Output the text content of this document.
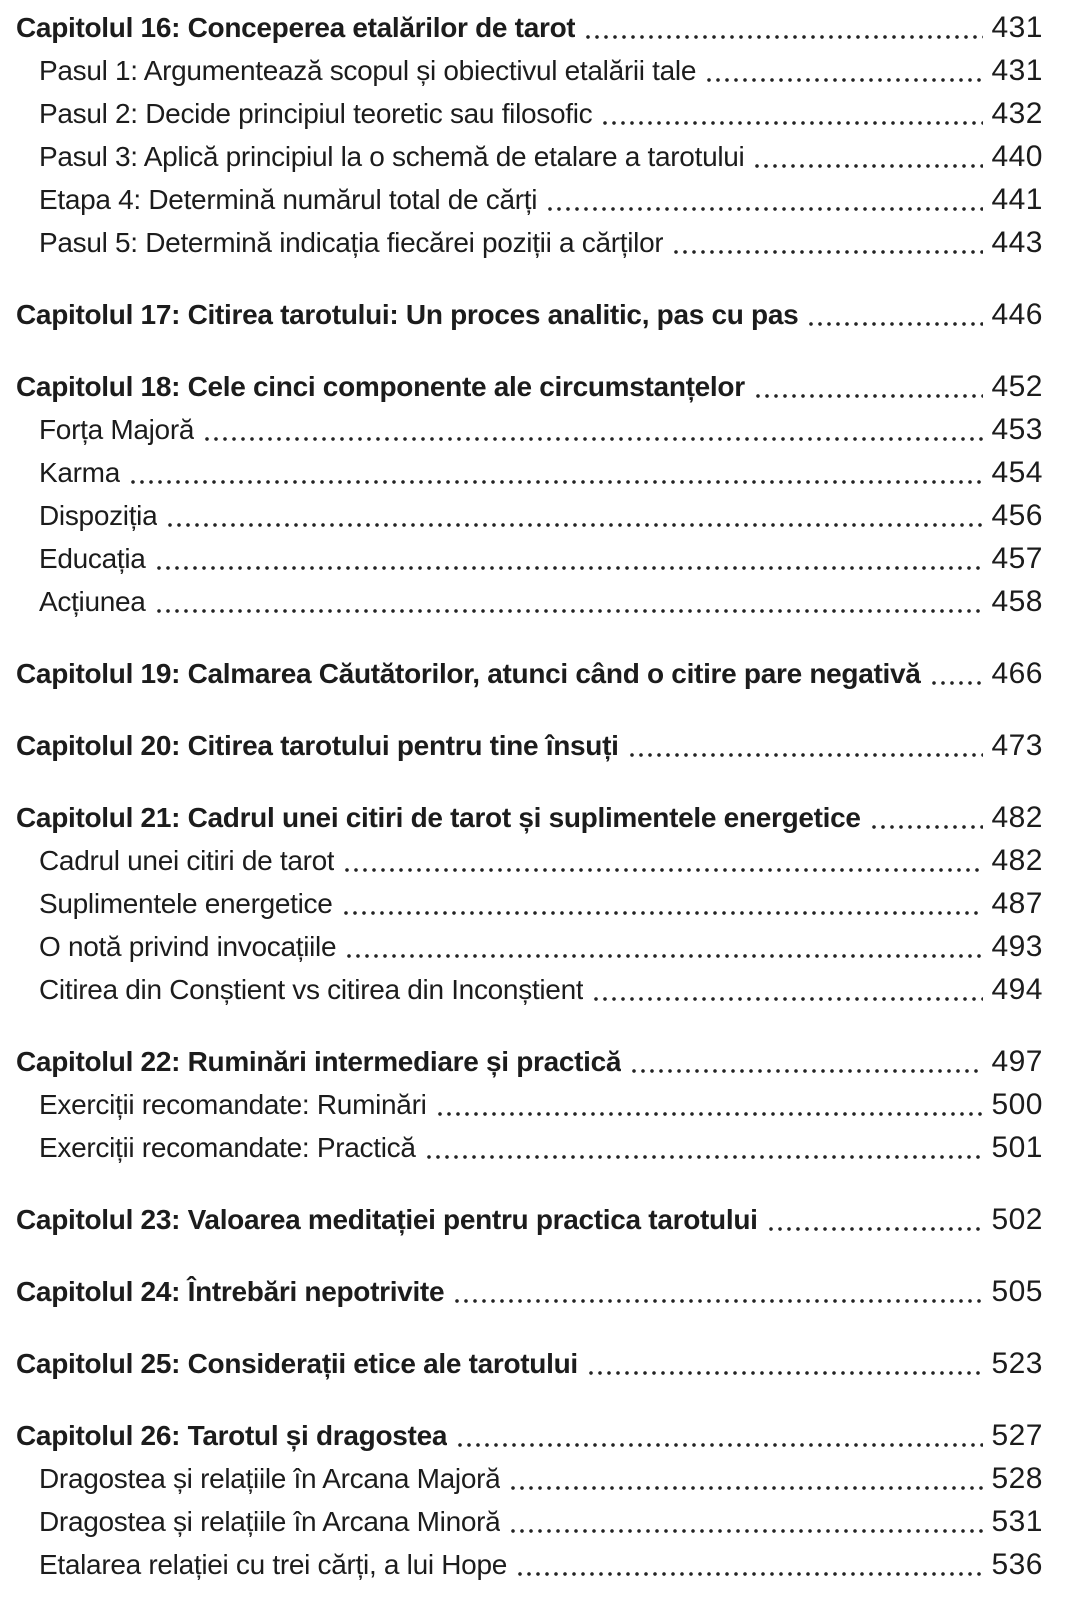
Capitolul 16: Conceperea etalărilor de tarot	431
Pasul 1: Argumentează scopul și obiectivul etalării tale	431
Pasul 2: Decide principiul teoretic sau filosofic	432
Pasul 3: Aplică principiul la o schemă de etalare a tarotului	440
Etapa 4: Determină numărul total de cărți	441
Pasul 5: Determină indicația fiecărei poziții a cărților	443
Capitolul 17: Citirea tarotului: Un proces analitic, pas cu pas	446
Capitolul 18: Cele cinci componente ale circumstanțelor	452
Forța Majoră	453
Karma	454
Dispoziția	456
Educația	457
Acțiunea	458
Capitolul 19: Calmarea Căutătorilor, atunci când o citire pare negativă 466
Capitolul 20: Citirea tarotului pentru tine însuți	473
Capitolul 21: Cadrul unei citiri de tarot și suplimentele energetice	482
Cadrul unei citiri de tarot	482
Suplimentele energetice	487
O notă privind invocațiile	493
Citirea din Conștient vs citirea din Inconștient	494
Capitolul 22: Ruminări intermediare și practică	497
Exerciții recomandate: Ruminări	500
Exerciții recomandate: Practică	501
Capitolul 23: Valoarea meditației pentru practica tarotului	502
Capitolul 24: Întrebări nepotrivite	505
Capitolul 25: Considerații etice ale tarotului	523
Capitolul 26: Tarotul și dragostea	527
Dragostea și relațiile în Arcana Majoră	528
Dragostea și relațiile în Arcana Minoră	531
Etalarea relației cu trei cărți, a lui Hope	536
